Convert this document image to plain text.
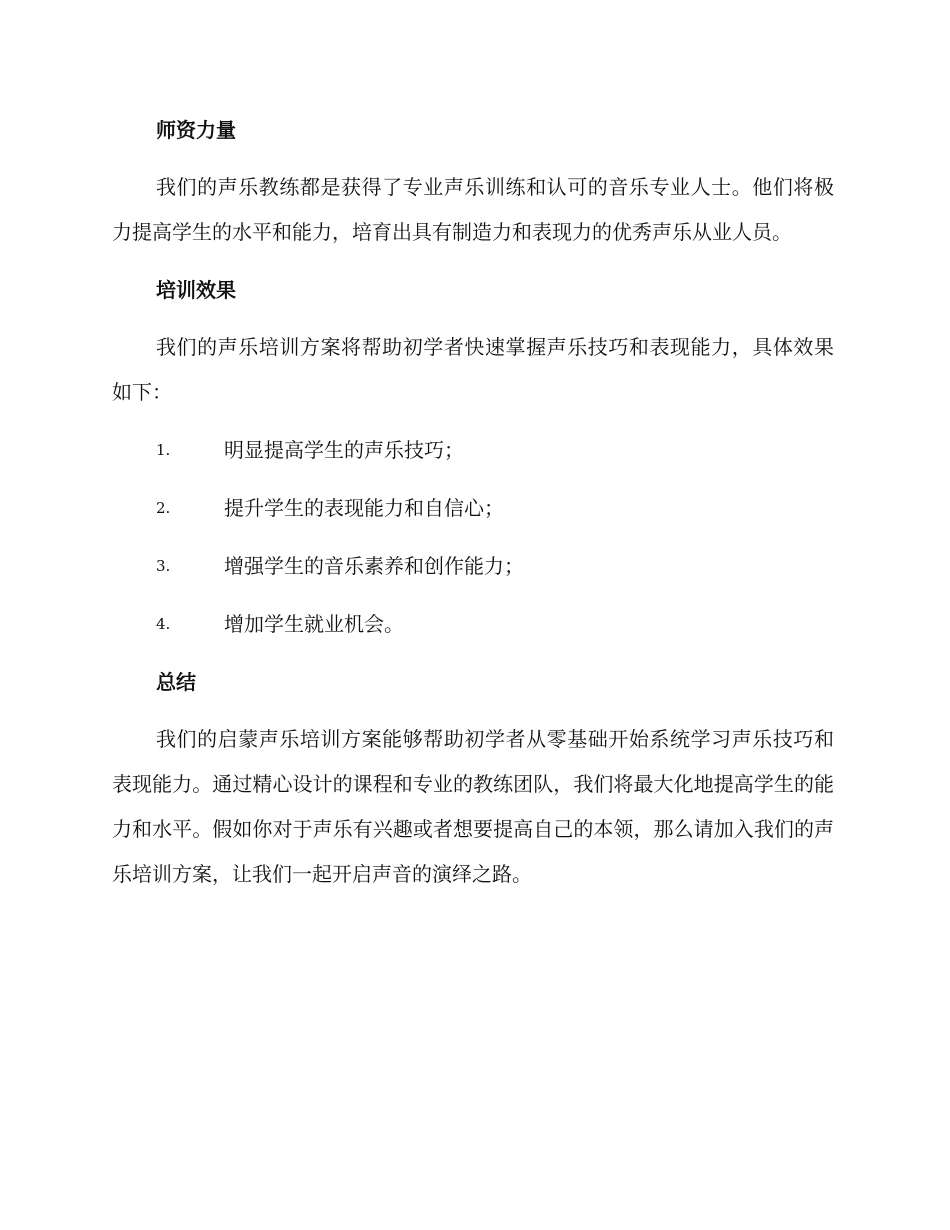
师资力量

我们的声乐教练都是获得了专业声乐训练和认可的音乐专业人士。他们将极力提高学生的水平和能力，培育出具有制造力和表现力的优秀声乐从业人员。

培训效果

我们的声乐培训方案将帮助初学者快速掌握声乐技巧和表现能力，具体效果如下：

1.	明显提高学生的声乐技巧；
2.	提升学生的表现能力和自信心；
3.	增强学生的音乐素养和创作能力；
4.	增加学生就业机会。
总结

我们的启蒙声乐培训方案能够帮助初学者从零基础开始系统学习声乐技巧和表现能力。通过精心设计的课程和专业的教练团队，我们将最大化地提高学生的能力和水平。假如你对于声乐有兴趣或者想要提高自己的本领，那么请加入我们的声乐培训方案，让我们一起开启声音的演绎之路。
